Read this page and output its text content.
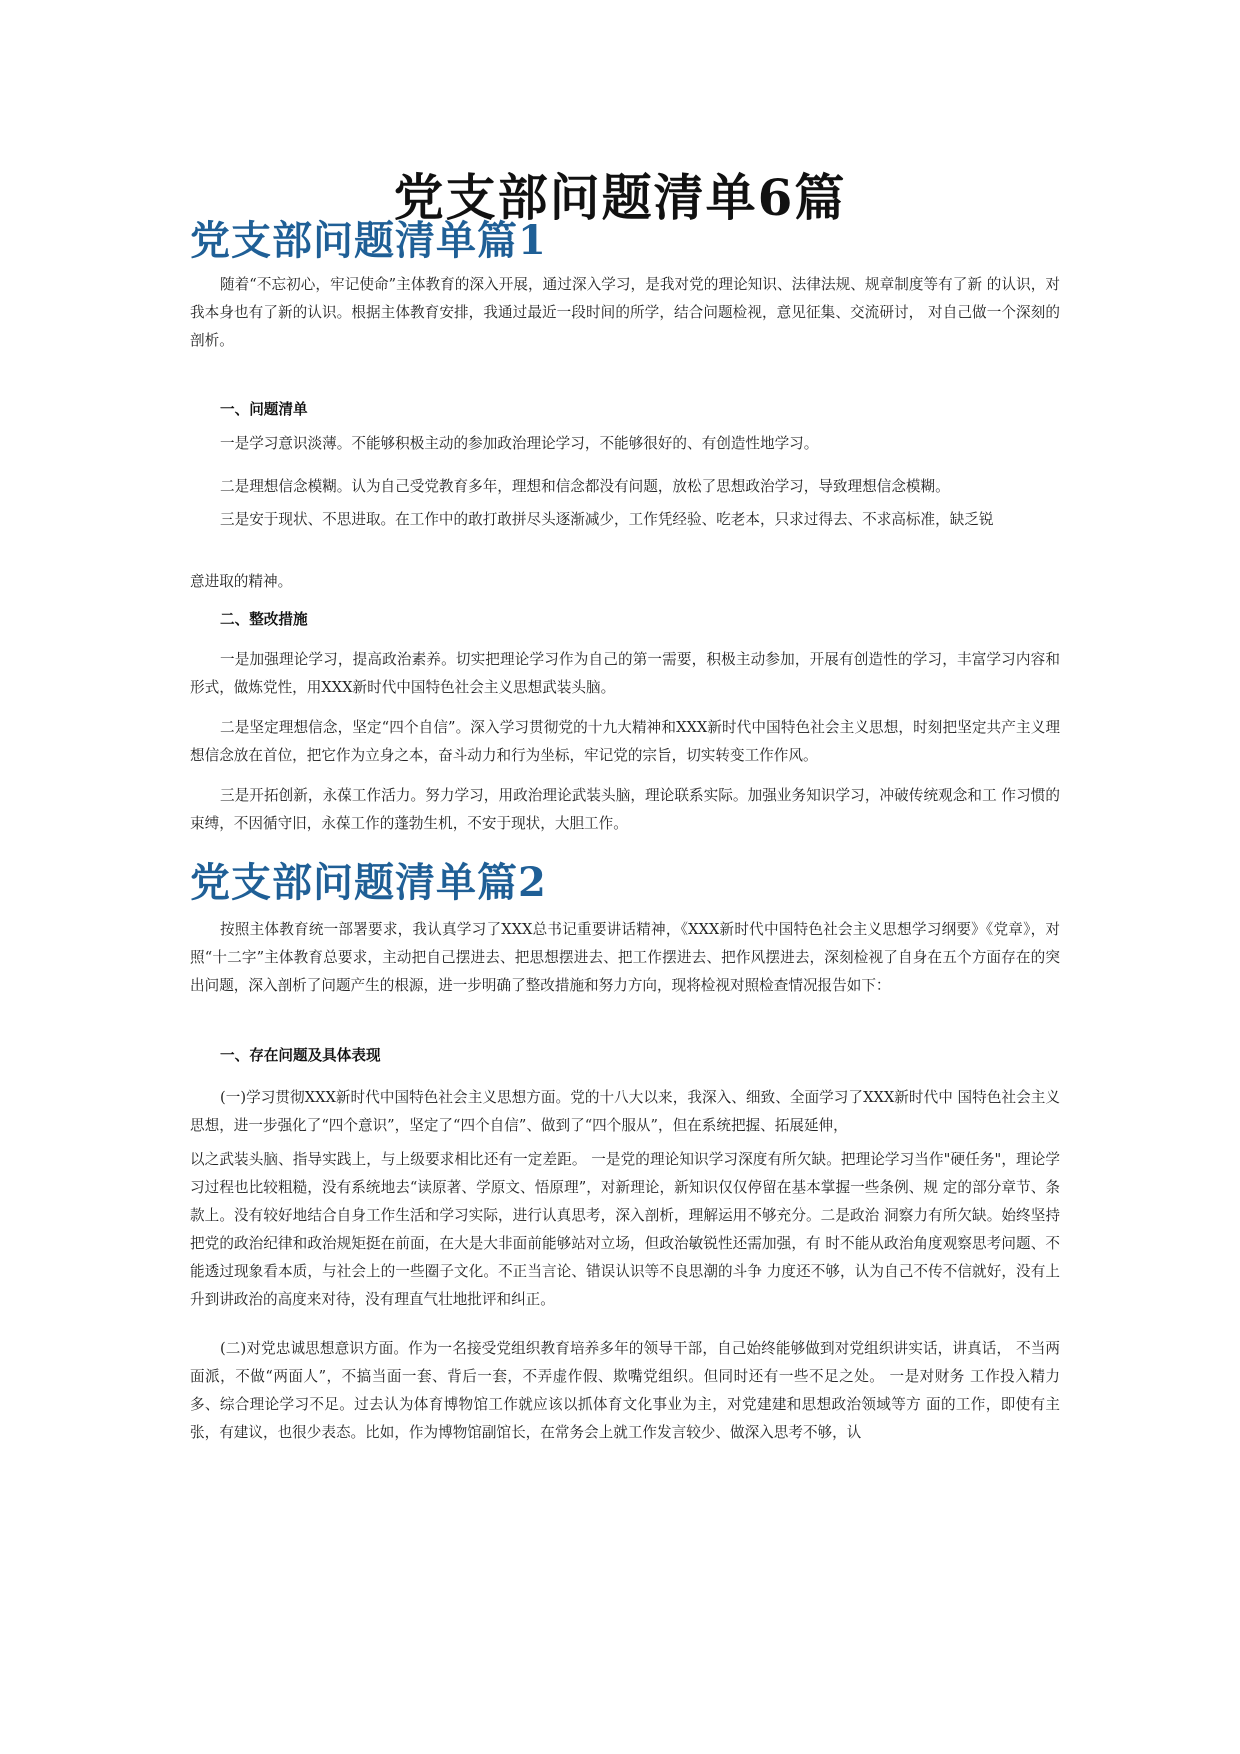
党支部问题清单6篇
党支部问题清单篇1

随着“不忘初心，牢记使命”主体教育的深入开展，通过深入学习，是我对党的理论知识、法律法规、规章制度等有了新 的认识，对我本身也有了新的认识。根据主体教育安排，我通过最近一段时间的所学，结合问题检视，意见征集、交流研讨， 对自己做一个深刻的剖析。

一、问题清单

一是学习意识淡薄。不能够积极主动的参加政治理论学习，不能够很好的、有创造性地学习。

二是理想信念模糊。认为自己受党教育多年，理想和信念都没有问题，放松了思想政治学习，导致理想信念模糊。

三是安于现状、不思进取。在工作中的敢打敢拼尽头逐渐减少，工作凭经验、吃老本，只求过得去、不求高标准，缺乏锐

意进取的精神。

二、整改措施

一是加强理论学习，提高政治素养。切实把理论学习作为自己的第一需要，积极主动参加，开展有创造性的学习，丰富学习内容和形式，做炼党性，用XXX新时代中国特色社会主义思想武装头脑。

二是坚定理想信念，坚定“四个自信”。深入学习贯彻党的十九大精神和XXX新时代中国特色社会主义思想，时刻把坚定共产主义理想信念放在首位，把它作为立身之本，奋斗动力和行为坐标，牢记党的宗旨，切实转变工作作风。

三是开拓创新，永葆工作活力。努力学习，用政治理论武装头脑，理论联系实际。加强业务知识学习，冲破传统观念和工 作习惯的束缚，不因循守旧，永葆工作的蓬勃生机，不安于现状，大胆工作。

党支部问题清单篇2

按照主体教育统一部署要求，我认真学习了XXX总书记重要讲话精神，《XXX新时代中国特色社会主义思想学习纲要》《党章》，对照“十二字”主体教育总要求，主动把自己摆进去、把思想摆进去、把工作摆进去、把作风摆进去，深刻检视了自身在五个方面存在的突出问题，深入剖析了问题产生的根源，进一步明确了整改措施和努力方向，现将检视对照检查情况报告如下：

一、存在问题及具体表现

(一)学习贯彻XXX新时代中国特色社会主义思想方面。党的十八大以来，我深入、细致、全面学习了XXX新时代中 国特色社会主义思想，进一步强化了“四个意识”，坚定了“四个自信”、做到了“四个服从”，但在系统把握、拓展延伸，

以之武装头脑、指导实践上，与上级要求相比还有一定差距。 一是党的理论知识学习深度有所欠缺。把理论学习当作"硬任务"，理论学习过程也比较粗糙，没有系统地去“读原著、学原文、悟原理”，对新理论，新知识仅仅停留在基本掌握一些条例、规 定的部分章节、条款上。没有较好地结合自身工作生活和学习实际，进行认真思考，深入剖析，理解运用不够充分。二是政治 洞察力有所欠缺。始终坚持把党的政治纪律和政治规矩挺在前面，在大是大非面前能够站对立场，但政治敏锐性还需加强，有 时不能从政治角度观察思考问题、不能透过现象看本质，与社会上的一些圈子文化。不正当言论、错误认识等不良思潮的斗争 力度还不够，认为自己不传不信就好，没有上升到讲政治的高度来对待，没有理直气壮地批评和纠正。

(二)对党忠诚思想意识方面。作为一名接受党组织教育培养多年的领导干部，自己始终能够做到对党组织讲实话，讲真话， 不当两面派，不做“两面人”，不搞当面一套、背后一套，不弄虚作假、欺嘴党组织。但同时还有一些不足之处。 一是对财务 工作投入精力多、综合理论学习不足。过去认为体育博物馆工作就应该以抓体育文化事业为主，对党建建和思想政治领域等方 面的工作，即使有主张，有建议，也很少表态。比如，作为博物馆副馆长，在常务会上就工作发言较少、做深入思考不够，认
